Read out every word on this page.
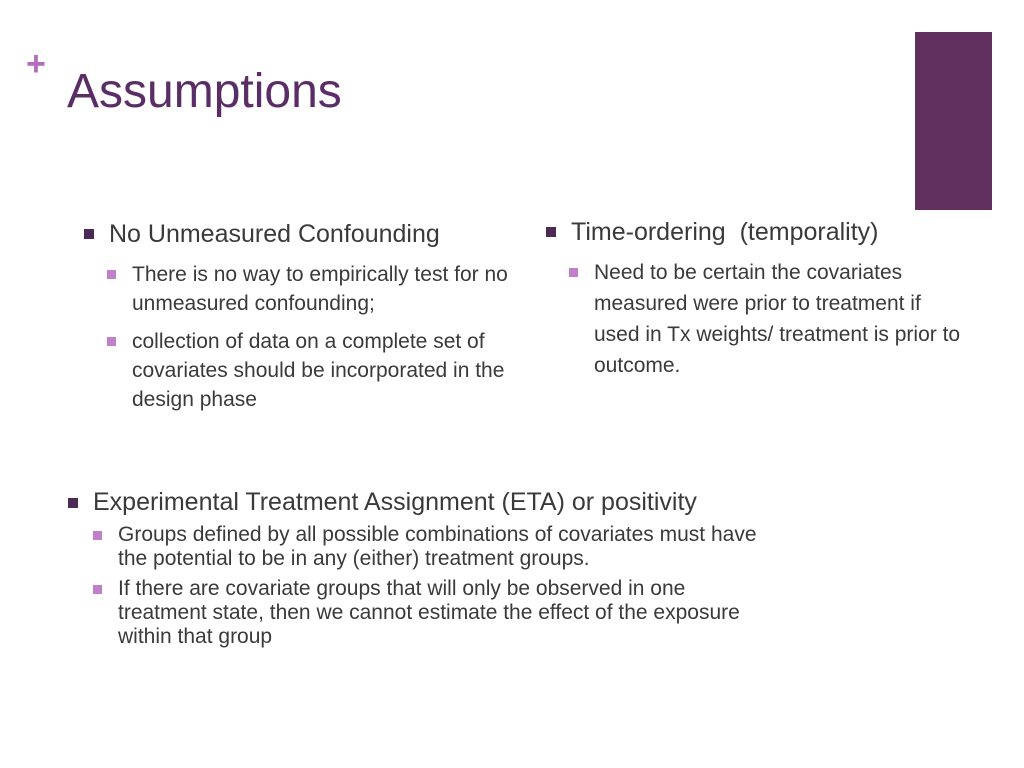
+
Assumptions
No Unmeasured Confounding
There is no way to empirically test for no unmeasured confounding;
collection of data on a complete set of covariates should be incorporated in the design phase
Time-ordering  (temporality)
Need to be certain the covariates measured were prior to treatment if used in Tx weights/ treatment is prior to outcome.
Experimental Treatment Assignment (ETA) or positivity
Groups defined by all possible combinations of covariates must have the potential to be in any (either) treatment groups.
If there are covariate groups that will only be observed in one treatment state, then we cannot estimate the effect of the exposure within that group
